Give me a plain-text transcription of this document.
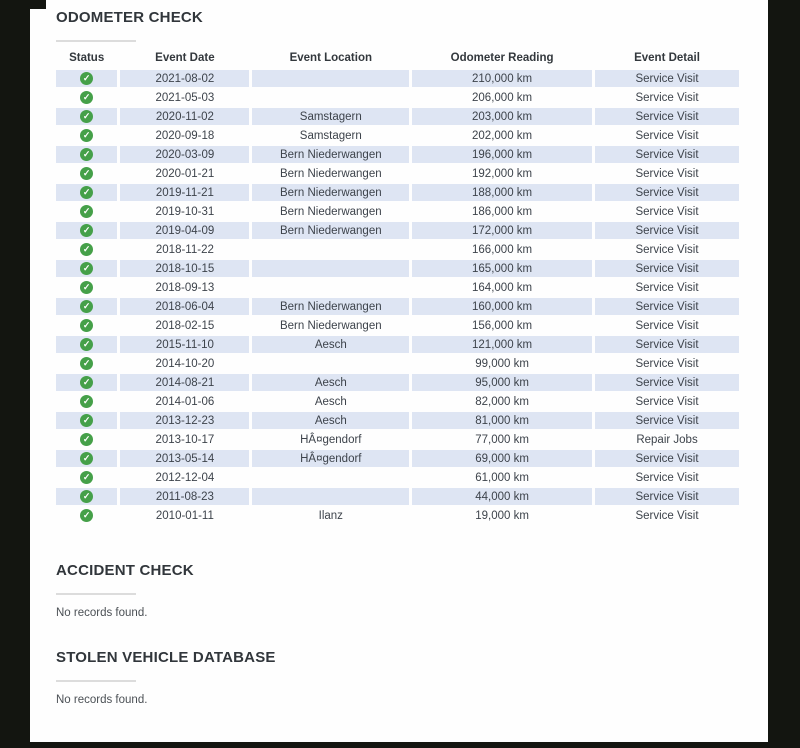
ODOMETER CHECK
Status	Event Date	Event Location	Odometer Reading	Event Detail
✓	2021-08-02		210,000 km	Service Visit
✓	2021-05-03		206,000 km	Service Visit
✓	2020-11-02	Samstagern	203,000 km	Service Visit
✓	2020-09-18	Samstagern	202,000 km	Service Visit
✓	2020-03-09	Bern Niederwangen	196,000 km	Service Visit
✓	2020-01-21	Bern Niederwangen	192,000 km	Service Visit
✓	2019-11-21	Bern Niederwangen	188,000 km	Service Visit
✓	2019-10-31	Bern Niederwangen	186,000 km	Service Visit
✓	2019-04-09	Bern Niederwangen	172,000 km	Service Visit
✓	2018-11-22		166,000 km	Service Visit
✓	2018-10-15		165,000 km	Service Visit
✓	2018-09-13		164,000 km	Service Visit
✓	2018-06-04	Bern Niederwangen	160,000 km	Service Visit
✓	2018-02-15	Bern Niederwangen	156,000 km	Service Visit
✓	2015-11-10	Aesch	121,000 km	Service Visit
✓	2014-10-20		99,000 km	Service Visit
✓	2014-08-21	Aesch	95,000 km	Service Visit
✓	2014-01-06	Aesch	82,000 km	Service Visit
✓	2013-12-23	Aesch	81,000 km	Service Visit
✓	2013-10-17	HÂ¤gendorf	77,000 km	Repair Jobs
✓	2013-05-14	HÂ¤gendorf	69,000 km	Service Visit
✓	2012-12-04		61,000 km	Service Visit
✓	2011-08-23		44,000 km	Service Visit
✓	2010-01-11	Ilanz	19,000 km	Service Visit
ACCIDENT CHECK

No records found.

STOLEN VEHICLE DATABASE

No records found.
